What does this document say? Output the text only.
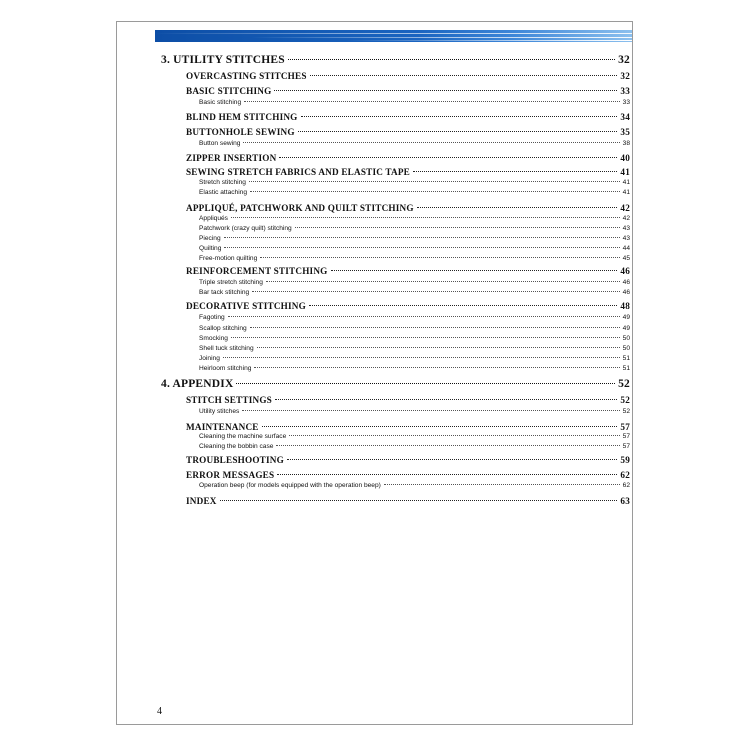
3. UTILITY STITCHES	32
OVERCASTING STITCHES	32
BASIC STITCHING	33
Basic stitching	33
BLIND HEM STITCHING	34
BUTTONHOLE SEWING	35
Button sewing	38
ZIPPER INSERTION	40
SEWING STRETCH FABRICS AND ELASTIC TAPE	41
Stretch stitching	41
Elastic attaching	41
APPLIQUÉ, PATCHWORK AND QUILT STITCHING	42
Appliqués	42
Patchwork (crazy quilt) stitching	43
Piecing	43
Quilting	44
Free-motion quilting	45
REINFORCEMENT STITCHING	46
Triple stretch stitching	46
Bar tack stitching	46
DECORATIVE STITCHING	48
Fagoting	49
Scallop stitching	49
Smocking	50
Shell tuck stitching	50
Joining	51
Heirloom stitching	51
4. APPENDIX	52
STITCH SETTINGS	52
Utility stitches	52
MAINTENANCE	57
Cleaning the machine surface	57
Cleaning the bobbin case	57
TROUBLESHOOTING	59
ERROR MESSAGES	62
Operation beep (for models equipped with the operation beep)	62
INDEX	63
4
